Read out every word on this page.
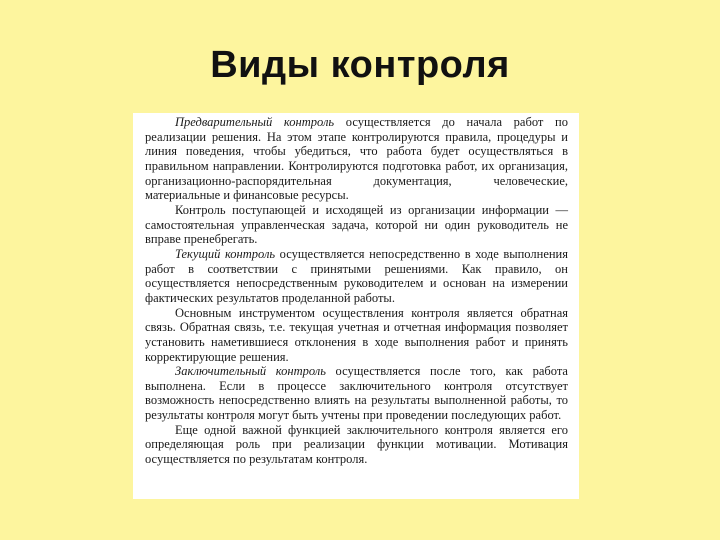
Виды контроля

Предварительный контроль осуществляется до начала работ по реализации решения. На этом этапе контролируются правила, процедуры и линия поведения, чтобы убедиться, что работа будет осуществляться в правильном направлении. Контролируются подготовка работ, их организация, организационно-распорядительная документация, человеческие, материальные и финансовые ресурсы.

Контроль поступающей и исходящей из организации информации — самостоятельная управленческая задача, которой ни один руководитель не вправе пренебрегать.

Текущий контроль осуществляется непосредственно в ходе выполнения работ в соответствии с принятыми решениями. Как правило, он осуществляется непосредственным руководителем и основан на измерении фактических результатов проделанной работы.

Основным инструментом осуществления контроля является обратная связь. Обратная связь, т.е. текущая учетная и отчетная информация позволяет установить наметившиеся отклонения в ходе выполнения работ и принять корректирующие решения.

Заключительный контроль осуществляется после того, как работа выполнена. Если в процессе заключительного контроля отсутствует возможность непосредственно влиять на результаты выполненной работы, то результаты контроля могут быть учтены при проведении последующих работ.

Еще одной важной функцией заключительного контроля является его определяющая роль при реализации функции мотивации. Мотивация осуществляется по результатам контроля.
